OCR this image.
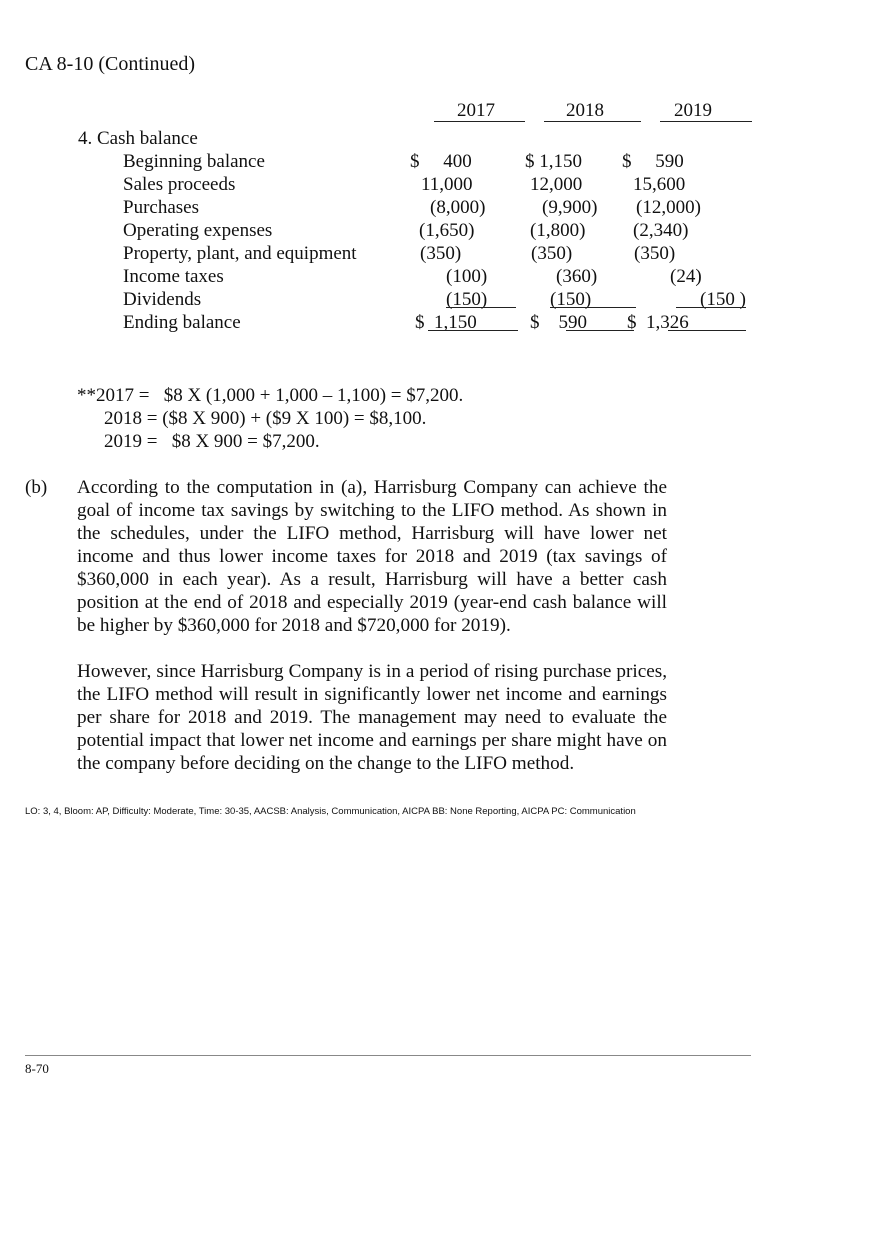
CA 8-10 (Continued)
2017	2018	2019
4. Cash balance
Beginning balance
Sales proceeds
Purchases
Operating expenses
Property, plant, and equipment
Income taxes
Dividends
Ending balance
$     400
11,000
(8,000)
(1,650)
(350)
(100)
(150)
$  1,150
$ 1,150
12,000
(9,900)
(1,800)
(350)
(360)
(150)
$    590
$     590
15,600
(12,000)
(2,340)
(350)
(24)
(150 )
$  1,326
**2017 =   $8 X (1,000 + 1,000 – 1,100) = $7,200.
2018 = ($8 X 900) + ($9 X 100) = $8,100.
2019 =   $8 X 900 = $7,200.
(b) According to the computation in (a), Harrisburg Company can achieve the goal of income tax savings by switching to the LIFO method. As shown in the schedules, under the LIFO method, Harrisburg will have lower net income and thus lower income taxes for 2018 and 2019 (tax savings of $360,000 in each year). As a result, Harrisburg will have a better cash position at the end of 2018 and especially 2019 (year-end cash balance will be higher by $360,000 for 2018 and $720,000 for 2019).
However, since Harrisburg Company is in a period of rising purchase prices, the LIFO method will result in significantly lower net income and earnings per share for 2018 and 2019. The management may need to evaluate the potential impact that lower net income and earnings per share might have on the company before deciding on the change to the LIFO method.
LO: 3, 4, Bloom: AP, Difficulty: Moderate, Time: 30-35, AACSB: Analysis, Communication, AICPA BB: None Reporting, AICPA PC: Communication
8-70
